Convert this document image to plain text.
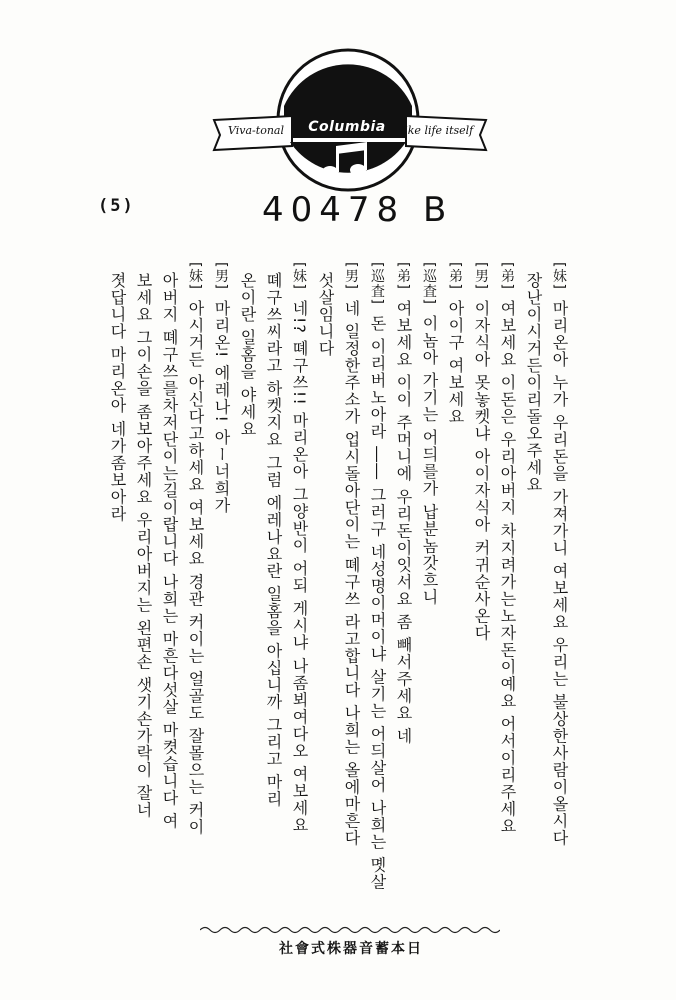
Viva-tonal	Columbia	like life itself
(5)	40478 B
[妹]마리온아 누가 우리돈을 가져가니 여보세요 우리는 불상한사람이올시다
장난이시거든이리돌오주세요
[弟]여보세요 이돈은 우리아버지 차지려가는노자돈이예요 어서이리주세요
[男]이자식아 못놓켓냐 아이자식아 커귀순사온다
[弟]아이구 여보세요
[巡査]이놈아 가기는 어듸를가 납분놈갓흐니
[弟]여보세요 이이 주머니에 우리돈이잇서요 좀 빼서주세요 네
[巡査]돈 이리버노아라 ―― 그러구 네성명이머이냐 살기는 어듸살어 나희는 몟살
[男]네 일정한주소가 업시돌아단이는 뗴구쓰 라고합니다 나희는 올에마흔다
섯살임니다
[妹]네!? 뗴구쓰!! 마리온아 그양반이 어되 게시냐 나좀뵈여다오 여보세요
뗴구쓰씨라고 하켓지요 그럼 에레나요란 일홈을 아십니까 그리고 마리
온이란 일홈을 야세요
[男]마리온! 에레나! 아ー너희가
[妹]아시거든 아신다고하세요 여보세요 경관 커이는 얼골도 잘몰으는 커이
아버지 뗴구쓰를차저단이는길이랍니다 나희는 마흔다섯살 마켯습니다 여
보세요 그이손을 좀보아주세요 우리아버지는 왼편손 샛기손가락이 잘너
졋답니다 마리온아 네가좀보아라
日本蓄音器株式會社
